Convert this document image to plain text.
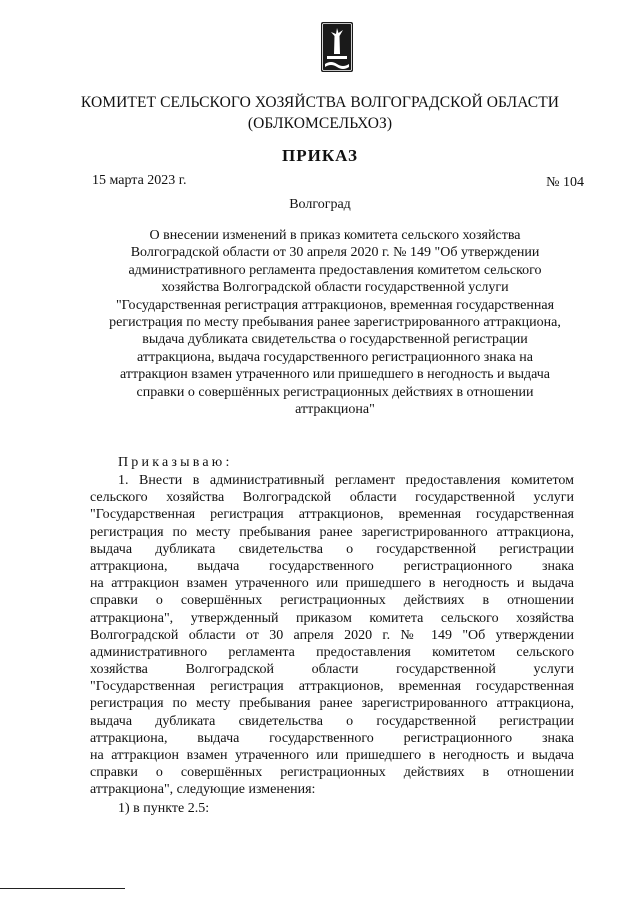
КОМИТЕТ СЕЛЬСКОГО ХОЗЯЙСТВА ВОЛГОГРАДСКОЙ ОБЛАСТИ
(ОБЛКОМСЕЛЬХОЗ)
ПРИКАЗ
15 марта 2023 г.	№ 104
Волгоград
О внесении изменений в приказ комитета сельского хозяйства
Волгоградской области от 30 апреля 2020 г. № 149 "Об утверждении
административного регламента предоставления комитетом сельского
хозяйства Волгоградской области государственной услуги
"Государственная регистрация аттракционов, временная государственная
регистрация по месту пребывания ранее зарегистрированного аттракциона,
выдача дубликата свидетельства о государственной регистрации
аттракциона, выдача государственного регистрационного знака на
аттракцион взамен утраченного или пришедшего в негодность и выдача
справки о совершённых регистрационных действиях в отношении
аттракциона"
Приказываю:
1. Внести в административный регламент предоставления комитетом
сельского хозяйства Волгоградской области государственной услуги
"Государственная регистрация аттракционов, временная государственная
регистрация по месту пребывания ранее зарегистрированного аттракциона,
выдача дубликата свидетельства о государственной регистрации
аттракциона, выдача государственного регистрационного знака
на аттракцион взамен утраченного или пришедшего в негодность и выдача
справки о совершённых регистрационных действиях в отношении
аттракциона", утвержденный приказом комитета сельского хозяйства
Волгоградской области от 30 апреля 2020 г. № 149 "Об утверждении
административного регламента предоставления комитетом сельского
хозяйства Волгоградской области государственной услуги
"Государственная регистрация аттракционов, временная государственная
регистрация по месту пребывания ранее зарегистрированного аттракциона,
выдача дубликата свидетельства о государственной регистрации
аттракциона, выдача государственного регистрационного знака
на аттракцион взамен утраченного или пришедшего в негодность и выдача
справки о совершённых регистрационных действиях в отношении
аттракциона", следующие изменения:
1) в пункте 2.5:
